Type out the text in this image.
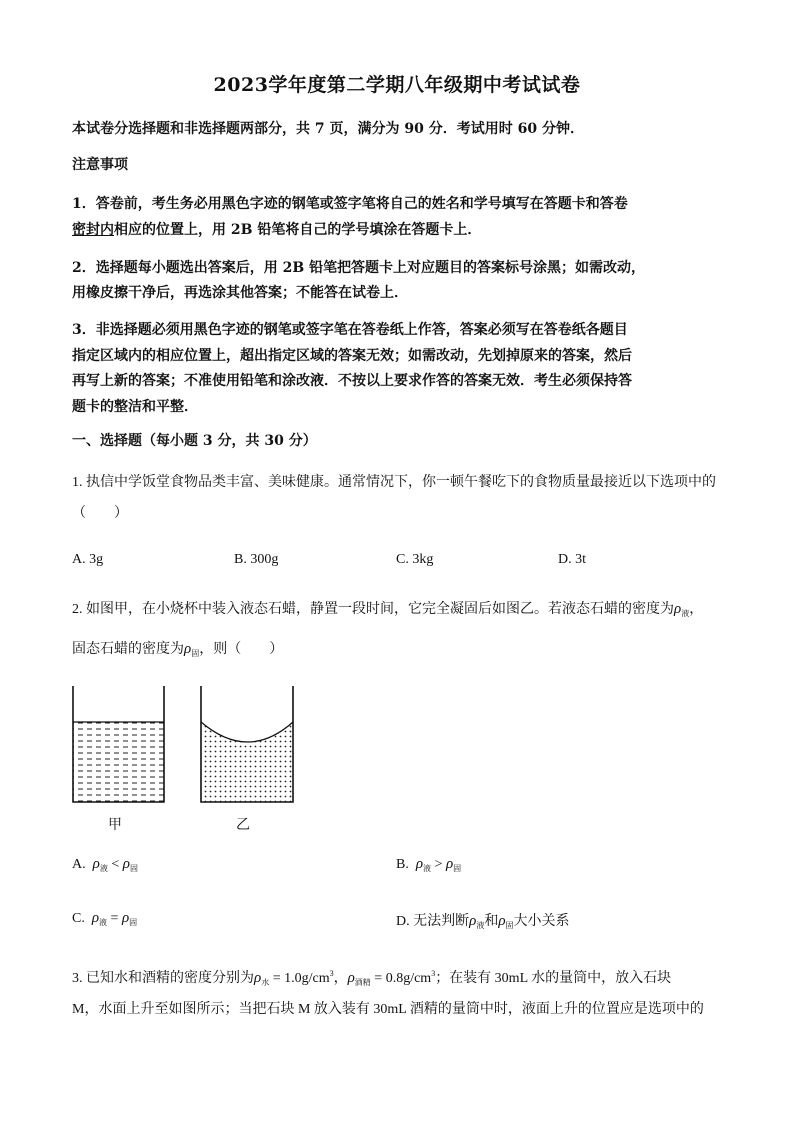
2023学年度第二学期八年级期中考试试卷
本试卷分选择题和非选择题两部分，共 7 页，满分为 90 分．考试用时 60 分钟．
注意事项
1．答卷前，考生务必用黑色字迹的钢笔或签字笔将自己的姓名和学号填写在答题卡和答卷
密封内相应的位置上，用 2B 铅笔将自己的学号填涂在答题卡上．
2．选择题每小题选出答案后，用 2B 铅笔把答题卡上对应题目的答案标号涂黑；如需改动，
用橡皮擦干净后，再选涂其他答案；不能答在试卷上．
3．非选择题必须用黑色字迹的钢笔或签字笔在答卷纸上作答，答案必须写在答卷纸各题目
指定区域内的相应位置上，超出指定区域的答案无效；如需改动，先划掉原来的答案，然后
再写上新的答案；不准使用铅笔和涂改液．不按以上要求作答的答案无效．考生必须保持答
题卡的整洁和平整．
一、选择题（每小题 3 分，共 30 分）
1. 执信中学饭堂食物品类丰富、美味健康。通常情况下，你一顿午餐吃下的食物质量最接近以下选项中的
（　　）
A. 3g	B. 300g	C. 3kg	D. 3t
2. 如图甲，在小烧杯中装入液态石蜡，静置一段时间，它完全凝固后如图乙。若液态石蜡的密度为$\rho_液$，
固态石蜡的密度为$\rho_固$，则（　　）
甲	乙
A. $\rho_液 < \rho_固$	B. $\rho_液 > \rho_固$
C. $\rho_液 = \rho_固$	D. 无法判断$\rho_液$和$\rho_固$大小关系
3. 已知水和酒精的密度分别为$\rho_水 = 1.0g/cm^3$，$\rho_{酒精} = 0.8g/cm^3$；在装有 30mL 水的量筒中，放入石块
M，水面上升至如图所示；当把石块 M 放入装有 30mL 酒精的量筒中时，液面上升的位置应是选项中的
